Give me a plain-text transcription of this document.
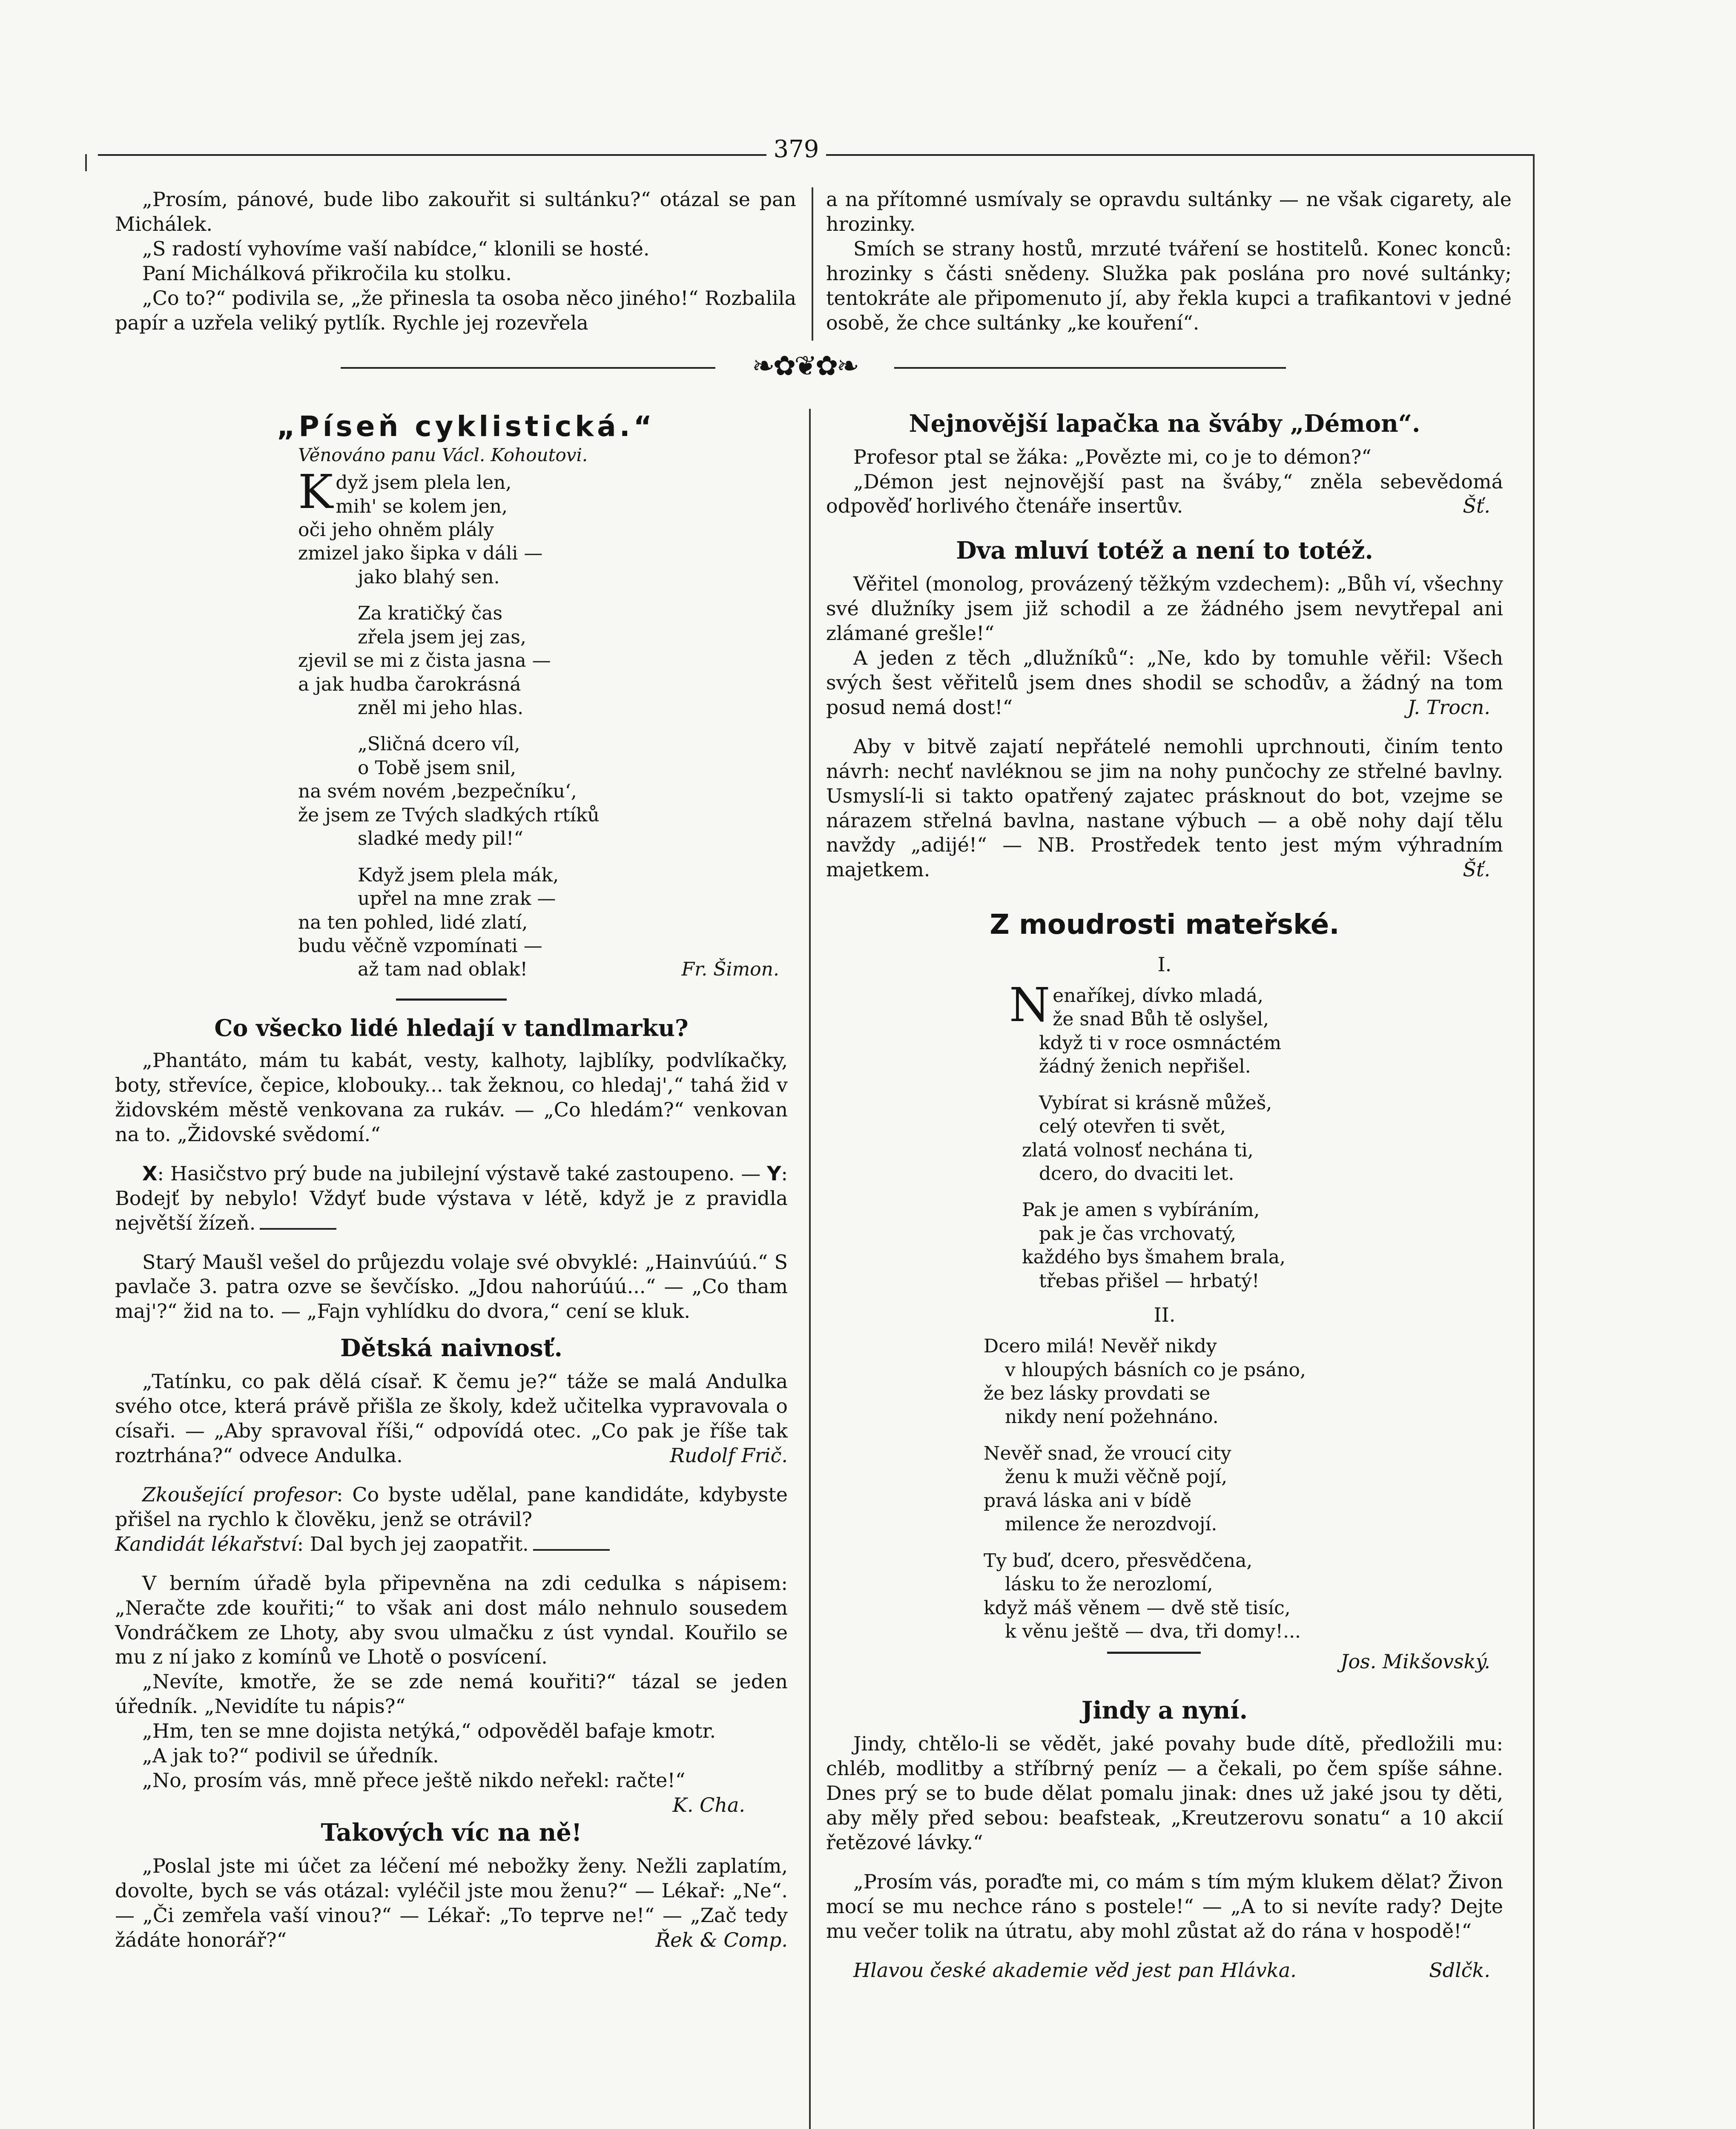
379

„Prosím, pánové, bude libo zakouřit si sultánku?“ otázal se pan Michálek.

„S radostí vyhovíme vaší nabídce,“ klonili se hosté.

Paní Michálková přikročila ku stolku.

„Co to?“ podivila se, „že přinesla ta osoba něco jiného!“ Rozbalila papír a uzřela veliký pytlík. Rychle jej rozevřela

a na přítomné usmívaly se opravdu sultánky — ne však cigarety, ale hrozinky.

Smích se strany hostů, mrzuté tváření se hostitelů. Konec konců: hrozinky s části snědeny. Služka pak poslána pro nové sultánky; tentokráte ale připomenuto jí, aby řekla kupci a trafikantovi v jedné osobě, že chce sultánky „ke kouření“.

❧✿❦✿❧
„Píseň cyklistická.“
Věnováno panu Václ. Kohoutovi.
Když jsem plela len,
mih' se kolem jen,
oči jeho ohněm plály
zmizel jako šipka v dáli —
jako blahý sen.
Za kratičký čas
zřela jsem jej zas,
zjevil se mi z čista jasna —
a jak hudba čarokrásná
zněl mi jeho hlas.
„Sličná dcero víl,
o Tobě jsem snil,
na svém novém ‚bezpečníku‘,
že jsem ze Tvých sladkých rtíků
sladké medy pil!“
Když jsem plela mák,
upřel na mne zrak —
na ten pohled, lidé zlatí,
budu věčně vzpomínati —
až tam nad oblak!	Fr. Šimon.
Co všecko lidé hledají v tandlmarku?

„Phantáto, mám tu kabát, vesty, kalhoty, lajblíky, podvlíkačky, boty, střevíce, čepice, klobouky... tak žeknou, co hledaj',“ tahá žid v židovském městě venkovana za rukáv. — „Co hledám?“ venkovan na to. „Židovské svědomí.“

X: Hasičstvo prý bude na jubilejní výstavě také zastoupeno. — Y: Bodejť by nebylo! Vždyť bude výstava v létě, když je z pravidla největší žízeň.

Starý Maušl vešel do průjezdu volaje své obvyklé: „Hainvúúú.“ S pavlače 3. patra ozve se ševčísko. „Jdou nahorúúú...“ — „Co tham maj'?“ žid na to. — „Fajn vyhlídku do dvora,“ cení se kluk.

Dětská naivnosť.

„Tatínku, co pak dělá císař. K čemu je?“ táže se malá Andulka svého otce, která právě přišla ze školy, kdež učitelka vypravovala o císaři. — „Aby spravoval říši,“ odpovídá otec. „Co pak je říše tak roztrhána?“ odvece Andulka.	Rudolf Frič.

Zkoušející profesor: Co byste udělal, pane kandidáte, kdybyste přišel na rychlo k člověku, jenž se otrávil?
Kandidát lékařství: Dal bych jej zaopatřit.

V berním úřadě byla připevněna na zdi cedulka s nápisem: „Neračte zde kouřiti;“ to však ani dost málo nehnulo sousedem Vondráčkem ze Lhoty, aby svou ulmačku z úst vyndal. Kouřilo se mu z ní jako z komínů ve Lhotě o posvícení.

„Nevíte, kmotře, že se zde nemá kouřiti?“ tázal se jeden úředník. „Nevidíte tu nápis?“

„Hm, ten se mne dojista netýká,“ odpověděl bafaje kmotr.

„A jak to?“ podivil se úředník.

„No, prosím vás, mně přece ještě nikdo neřekl: račte!“

K. Cha.
Takových víc na ně!

„Poslal jste mi účet za léčení mé nebožky ženy. Nežli zaplatím, dovolte, bych se vás otázal: vyléčil jste mou ženu?“ — Lékař: „Ne“. — „Či zemřela vaší vinou?“ — Lékař: „To teprve ne!“ — „Zač tedy žádáte honorář?“	Řek & Comp.

Nejnovější lapačka na šváby „Démon“.

Profesor ptal se žáka: „Povězte mi, co je to démon?“

„Démon jest nejnovější past na šváby,“ zněla sebevědomá odpověď horlivého čtenáře insertův.	Šť.

Dva mluví totéž a není to totéž.

Věřitel (monolog, provázený těžkým vzdechem): „Bůh ví, všechny své dlužníky jsem již schodil a ze žádného jsem nevytřepal ani zlámané grešle!“

A jeden z těch „dlužníků“: „Ne, kdo by tomuhle věřil: Všech svých šest věřitelů jsem dnes shodil se schodův, a žádný na tom posud nemá dost!“	J. Trocn.

Aby v bitvě zajatí nepřátelé nemohli uprchnouti, činím tento návrh: nechť navléknou se jim na nohy punčochy ze střelné bavlny. Usmyslí-li si takto opatřený zajatec prásknout do bot, vzejme se nárazem střelná bavlna, nastane výbuch — a obě nohy dají tělu navždy „adijé!“ — NB. Prostředek tento jest mým výhradním majetkem.	Šť.

Z moudrosti mateřské.
I.
Nenaříkej, dívko mladá,
že snad Bůh tě oslyšel,
když ti v roce osmnáctém
žádný ženich nepřišel.
Vybírat si krásně můžeš,
celý otevřen ti svět,
zlatá volnosť nechána ti,
dcero, do dvaciti let.
Pak je amen s vybíráním,
pak je čas vrchovatý,
každého bys šmahem brala,
třebas přišel — hrbatý!
II.
Dcero milá! Nevěř nikdy
v hloupých básních co je psáno,
že bez lásky provdati se
nikdy není požehnáno.
Nevěř snad, že vroucí city
ženu k muži věčně pojí,
pravá láska ani v bídě
milence že nerozdvojí.
Ty buď, dcero, přesvědčena,
lásku to že nerozlomí,
když máš věnem — dvě stě tisíc,
k věnu ještě — dva, tři domy!...
Jos. Mikšovský.
Jindy a nyní.

Jindy, chtělo-li se vědět, jaké povahy bude dítě, předložili mu: chléb, modlitby a stříbrný peníz — a čekali, po čem spíše sáhne. Dnes prý se to bude dělat pomalu jinak: dnes už jaké jsou ty děti, aby měly před sebou: beafsteak, „Kreutzerovu sonatu“ a 10 akcií řetězové lávky.“

„Prosím vás, poraďte mi, co mám s tím mým klukem dělat? Živon mocí se mu nechce ráno s postele!“ — „A to si nevíte rady? Dejte mu večer tolik na útratu, aby mohl zůstat až do rána v hospodě!“

Hlavou české akademie věd jest pan Hlávka.	Sdlčk.
